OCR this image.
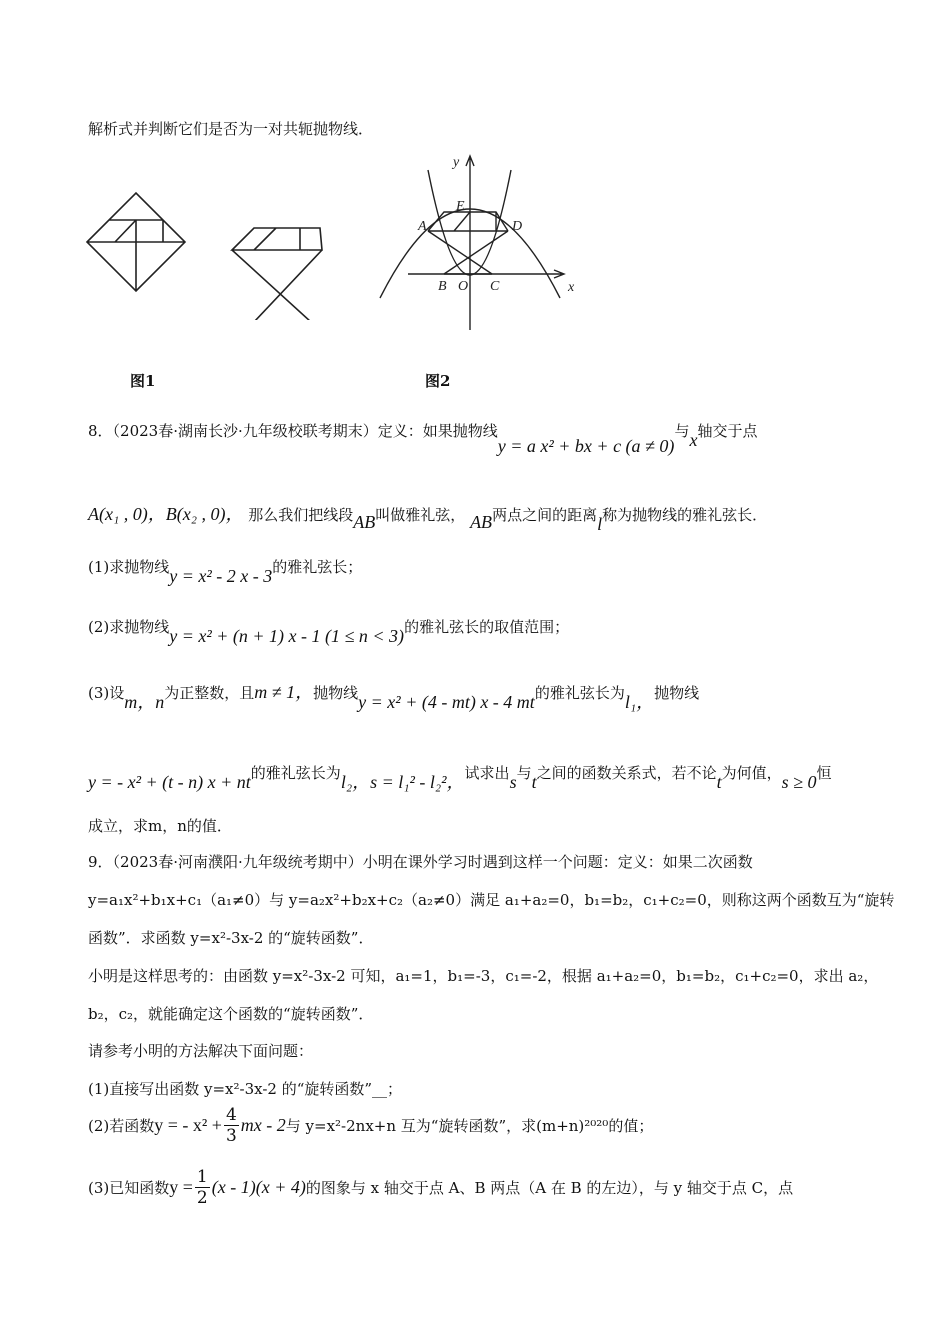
解析式并判断它们是否为一对共轭抛物线．
y
x
E
A	D
B O C
图1	图2
8．（2023春·湖南长沙·九年级校联考期末）定义：如果抛物线y = a x² + bx + c (a ≠ 0)与x轴交于点
A(x₁ , 0)，B(x₂ , 0)， 那么我们把线段AB叫做雅礼弦， AB两点之间的距离l称为抛物线的雅礼弦长．
(1)求抛物线y = x² - 2 x - 3的雅礼弦长；
(2)求抛物线y = x² + (n + 1) x - 1 (1 ≤ n < 3)的雅礼弦长的取值范围；
(3)设m，n为正整数，且m ≠ 1，抛物线y = x² + (4 - mt) x - 4 mt的雅礼弦长为l₁，抛物线
y = - x² + (t - n) x + nt的雅礼弦长为l₂，s = l₁² - l₂²，试求出s与t之间的函数关系式，若不论t为何值，s ≥ 0恒
成立，求m，n的值．
9．（2023春·河南濮阳·九年级统考期中）小明在课外学习时遇到这样一个问题：定义：如果二次函数
y=a₁x²+b₁x+c₁（a₁≠0）与 y=a₂x²+b₂x+c₂（a₂≠0）满足 a₁+a₂=0，b₁=b₂，c₁+c₂=0，则称这两个函数互为“旋转
函数”．求函数 y=x²-3x-2 的“旋转函数”．
小明是这样思考的：由函数 y=x²-3x-2 可知，a₁=1，b₁=-3，c₁=-2，根据 a₁+a₂=0，b₁=b₂，c₁+c₂=0，求出 a₂，
b₂，c₂，就能确定这个函数的“旋转函数”．
请参考小明的方法解决下面问题：
(1)直接写出函数 y=x²-3x-2 的“旋转函数”__；
(2)若函数 y = - $x^2 + \frac{4}{3}$ mx - 2 与 y=x²-2nx+n 互为“旋转函数”，求(m+n)²⁰²⁰的值；
(3)已知函数 $y = \frac{1}{2} (x - 1)(x + 4)$ 的图象与 x 轴交于点 A、B 两点（A 在 B 的左边），与 y 轴交于点 C，点
